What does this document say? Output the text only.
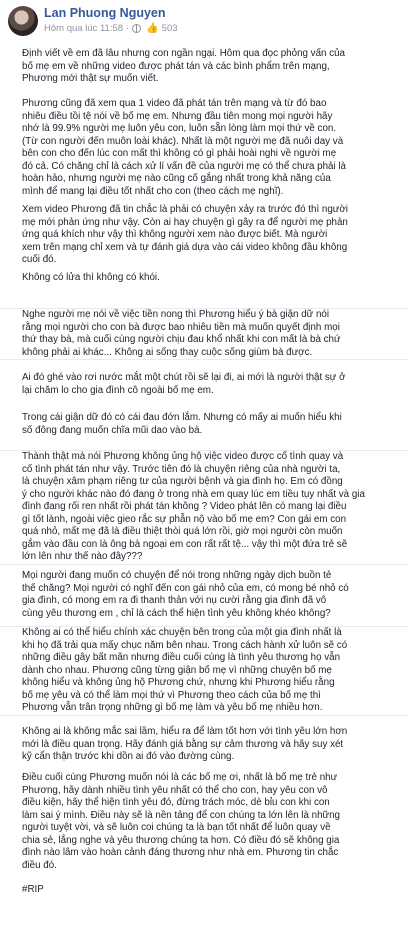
Lan Phuong Nguyen
Hôm qua lúc 11:58 · 👍 503
Định viết về em đã lâu nhưng con ngần ngại. Hôm qua đọc phỏng vấn của
bố mẹ em về những video được phát tán và các bình phẩm trên mạng,
Phương mới thật sự muốn viết.
Phương cũng đã xem qua 1 video đã phát tán trên mạng và từ đó bao
nhiêu điều tồi tệ nói về bố mẹ em. Nhưng đầu tiên mong mọi người hãy
nhớ là 99.9% người mẹ luôn yêu con, luôn sẵn lòng làm mọi thứ về con.
(Từ con người đến muôn loài khác). Nhất là một người mẹ đã nuôi day và
bên con cho đến lúc con mất thì không có gì phải hoài nghi về người mẹ
đó cả. Có chăng chỉ là cách xử lí vấn đề của người mẹ có thể chưa phải là
hoàn hảo, nhưng người mẹ nào cũng cố gắng nhất trong khả năng của
mình để mang lại điều tốt nhất cho con (theo cách mẹ nghĩ).
Xem video Phương đã tin chắc là phải có chuyện xảy ra trước đó thì người
mẹ mới phản ứng như vậy. Còn ai hay chuyện gì gây ra để người mẹ phản
ứng quá khích như vậy thì không người xem nào được biết. Mà người
xem trên mạng chỉ xem và tự đánh giá dựa vào cái video không đầu không
cuối đó.
Không có lửa thì không có khói.
Nghe người mẹ nói về việc tiền nong thì Phương hiểu ý bà giận dữ nói
rằng mọi người cho con bà được bao nhiêu tiền mà muốn quyết định mọi
thứ thay bà, mà cuối cùng người chịu đau khổ nhất khi con mất là bà chứ
không phải ai khác... Không ai sống thay cuộc sống giùm bà được.
Ai đó ghé vào rơi nước mắt một chút rồi sẽ lại đi, ai mới là người thật sự ở
lại chăm lo cho gia đình cô ngoài bố mẹ em.
Trong cái giận dữ đó có cái đau đớn lắm. Nhưng có mấy ai muốn hiểu khi
số đông đang muốn chĩa mũi dao vào bà.
Thành thật mà nói Phương không ủng hộ việc video được cố tình quay và
cố tình phát tán như vậy. Trước tiên đó là chuyện riêng của nhà người ta,
là chuyện xâm phạm riêng tư của người bệnh và gia đình họ. Em có đồng
ý cho người khác nào đó đang ở trong nhà em quay lúc em tiều tụy nhất và gia
đình đang rối ren nhất rồi phát tán không ? Video phát lên có mang lại điều
gì tốt lành, ngoài việc gieo rắc sự phẫn nộ vào bố mẹ em? Con gái em con
quá nhỏ, mất mẹ đã là điều thiệt thòi quá lớn rồi, giờ mọi người còn muốn
gắm vào đầu con là ông bà ngoại em con rất rất tệ... vậy thì một đứa trẻ sẽ
lớn lên như thế nào đây???
Mọi người đang muốn có chuyện để nói trong những ngày dịch buồn tẻ
thế chăng? Mọi người có nghĩ đến con gái nhỏ của em, có mong bé nhỏ có
gia đình, có mong em ra đi thanh thản với nụ cười rằng gia đình đã vô
cùng yêu thương em , chỉ là cách thể hiện tình yêu không khéo không?
Không ai có thể hiểu chính xác chuyện bên trong của một gia đình nhất là
khi họ đã trải qua mấy chục năm bên nhau. Trong cách hành xử luôn sẽ có
những điều gây bất mãn nhưng điều cuối cùng là tình yêu thương họ vẫn
dành cho nhau. Phương cũng từng giận bố mẹ vì những chuyện bố mẹ
không hiểu và không ủng hộ Phương chứ, nhưng khi Phương hiểu rằng
bố mẹ yêu và có thể làm mọi thứ vì Phương theo cách của bố mẹ thì
Phương vẫn trân trọng những gì bố mẹ làm và yêu bố mẹ nhiều hơn.
Không ai là không mắc sai lầm, hiểu ra để làm tốt hơn với tình yêu lớn hơn
mới là điều quan trọng. Hãy đánh giá bằng sự cảm thương và hãy suy xét
kỹ cẩn thận trước khi dồn ai đó vào đường cùng.
Điều cuối cùng Phương muốn nói là các bố mẹ ơi, nhất là bố mẹ trẻ như
Phương, hãy dành nhiều tình yêu nhất có thể cho con, hay yêu con vô
điều kiện, hãy thể hiện tình yêu đó, đừng trách móc, dè bỉu con khi con
làm sai ý mình. Điều này sẽ là nền tảng để con chúng ta lớn lên là những
người tuyệt vời, và sẽ luôn coi chúng ta là bạn tốt nhất để luôn quay về
chia sẻ, lắng nghe và yêu thương chúng ta hơn. Có điều đó sẽ không gia
đình nào lâm vào hoàn cảnh đáng thương như nhà em. Phương tin chắc
điều đó.
#RIP
